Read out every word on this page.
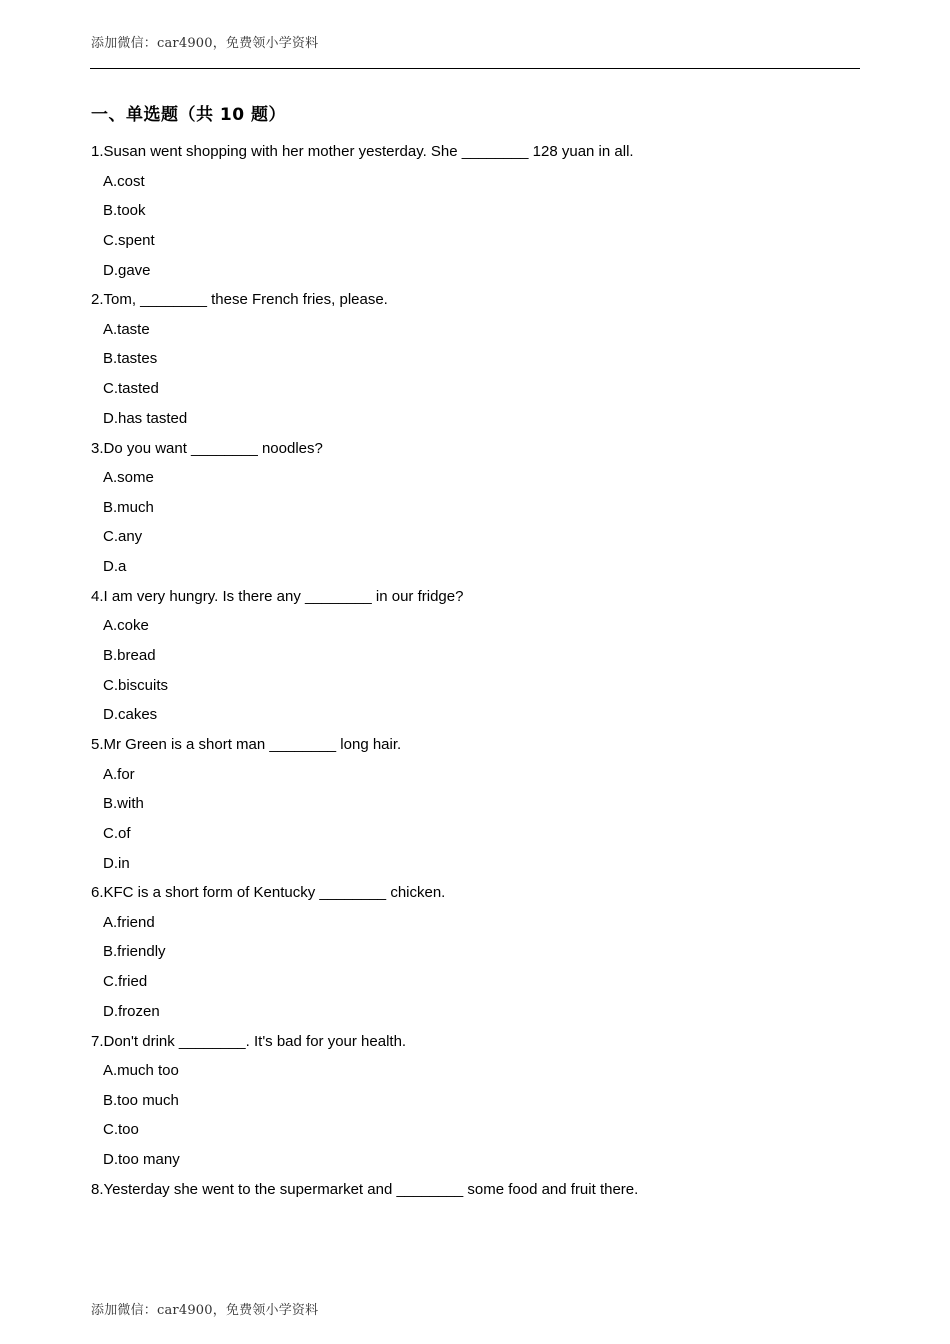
添加微信：car4900，免费领小学资料
一、单选题（共 10 题）
1.Susan went shopping with her mother yesterday. She ________ 128 yuan in all.
A.cost
B.took
C.spent
D.gave
2.Tom, ________ these French fries, please.
A.taste
B.tastes
C.tasted
D.has tasted
3.Do you want ________ noodles?
A.some
B.much
C.any
D.a
4.I am very hungry. Is there any ________ in our fridge?
A.coke
B.bread
C.biscuits
D.cakes
5.Mr Green is a short man ________ long hair.
A.for
B.with
C.of
D.in
6.KFC is a short form of Kentucky ________ chicken.
A.friend
B.friendly
C.fried
D.frozen
7.Don't drink ________. It's bad for your health.
A.much too
B.too much
C.too
D.too many
8.Yesterday she went to the supermarket and ________ some food and fruit there.
添加微信：car4900，免费领小学资料
